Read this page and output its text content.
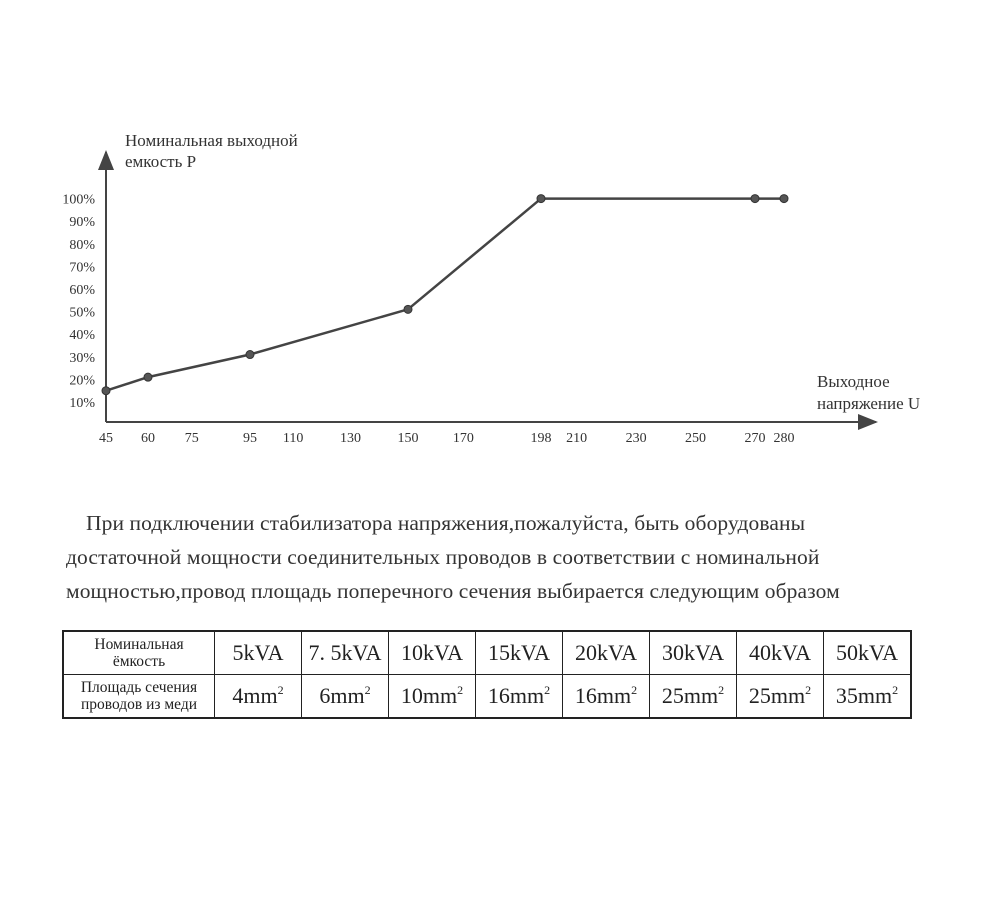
Номинальная выходной
емкость P
Выходное
напряжение U
10%
20%
30%
40%
50%
60%
70%
80%
90%
100%
45 60 75	95 110	130	150 170	198 210	230	250	270 280
При подключении стабилизатора напряжения,пожалуйста, быть оборудованы
достаточной мощности соединительных проводов в соответствии с номинальной
мощностью,провод площадь поперечного сечения выбирается следующим образом
Номинальная
ёмкость	5kVA	7. 5kVA	10kVA	15kVA	20kVA	30kVA	40kVA	50kVA

Площадь сечения
проводов из меди	$4mm^2$	$6mm^2$	$10mm^2$	$16mm^2$	$16mm^2$	$25mm^2$	$25mm^2$	$35mm^2$
